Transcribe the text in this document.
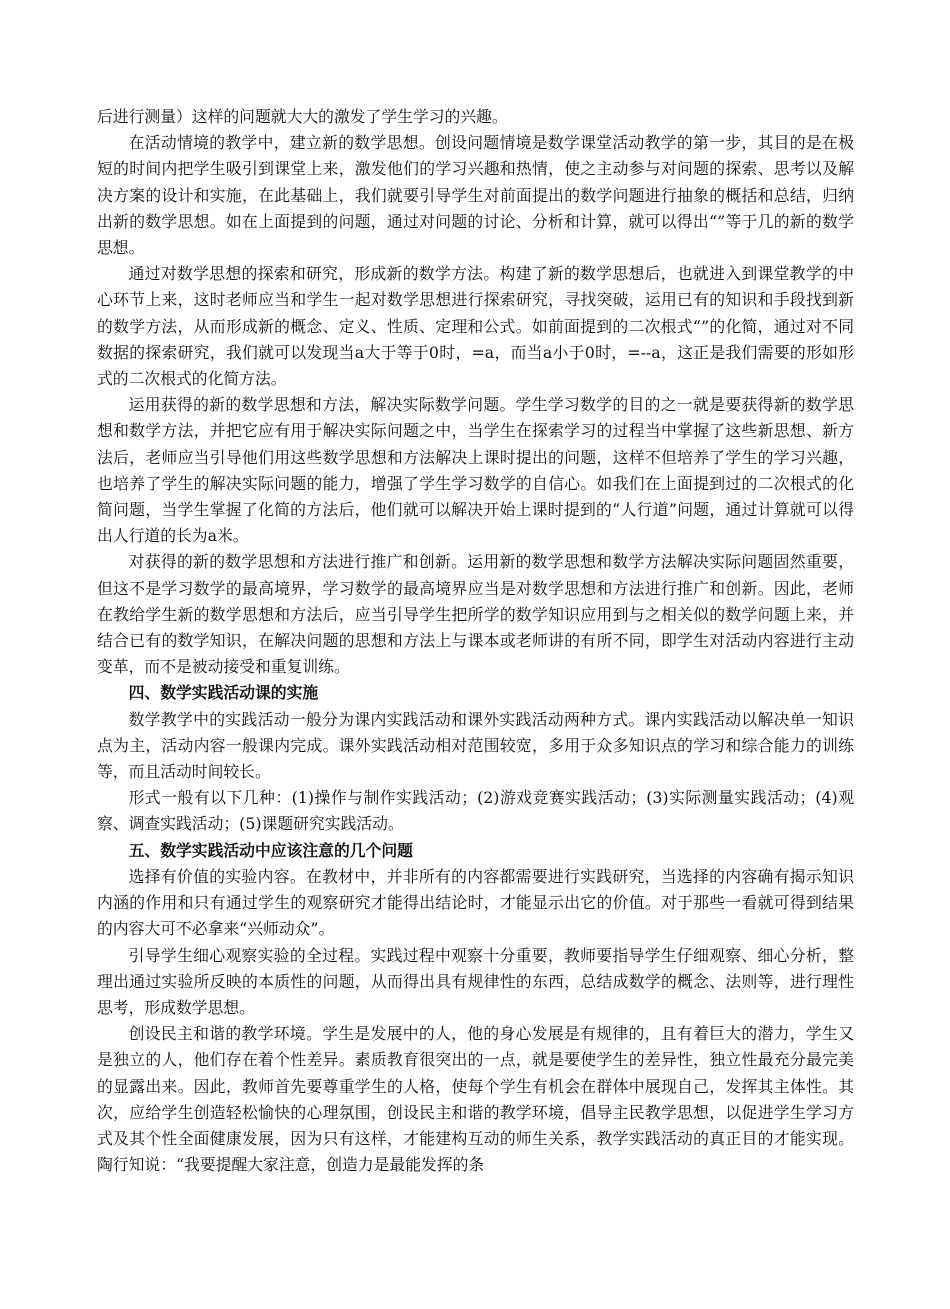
后进行测量）这样的问题就大大的激发了学生学习的兴趣。

在活动情境的教学中，建立新的数学思想。创设问题情境是数学课堂活动教学的第一步，其目的是在极短的时间内把学生吸引到课堂上来，激发他们的学习兴趣和热情，使之主动参与对问题的探索、思考以及解决方案的设计和实施，在此基础上，我们就要引导学生对前面提出的数学问题进行抽象的概括和总结，归纳出新的数学思想。如在上面提到的问题，通过对问题的讨论、分析和计算，就可以得出“”等于几的新的数学思想。

通过对数学思想的探索和研究，形成新的数学方法。构建了新的数学思想后，也就进入到课堂教学的中心环节上来，这时老师应当和学生一起对数学思想进行探索研究，寻找突破，运用已有的知识和手段找到新的数学方法，从而形成新的概念、定义、性质、定理和公式。如前面提到的二次根式“”的化简，通过对不同数据的探索研究，我们就可以发现当a大于等于0时，=a，而当a小于0时，=--a，这正是我们需要的形如形式的二次根式的化简方法。

运用获得的新的数学思想和方法，解决实际数学问题。学生学习数学的目的之一就是要获得新的数学思想和数学方法，并把它应有用于解决实际问题之中，当学生在探索学习的过程当中掌握了这些新思想、新方法后，老师应当引导他们用这些数学思想和方法解决上课时提出的问题，这样不但培养了学生的学习兴趣，也培养了学生的解决实际问题的能力，增强了学生学习数学的自信心。如我们在上面提到过的二次根式的化简问题，当学生掌握了化简的方法后，他们就可以解决开始上课时提到的“人行道”问题，通过计算就可以得出人行道的长为a米。

对获得的新的数学思想和方法进行推广和创新。运用新的数学思想和数学方法解决实际问题固然重要，但这不是学习数学的最高境界，学习数学的最高境界应当是对数学思想和方法进行推广和创新。因此，老师在教给学生新的数学思想和方法后，应当引导学生把所学的数学知识应用到与之相关似的数学问题上来，并结合已有的数学知识，在解决问题的思想和方法上与课本或老师讲的有所不同，即学生对活动内容进行主动变革，而不是被动接受和重复训练。

四、数学实践活动课的实施

数学教学中的实践活动一般分为课内实践活动和课外实践活动两种方式。课内实践活动以解决单一知识点为主，活动内容一般课内完成。课外实践活动相对范围较宽，多用于众多知识点的学习和综合能力的训练等，而且活动时间较长。

形式一般有以下几种：(1)操作与制作实践活动；(2)游戏竞赛实践活动；(3)实际测量实践活动；(4)观察、调查实践活动；(5)课题研究实践活动。

五、数学实践活动中应该注意的几个问题

选择有价值的实验内容。在教材中，并非所有的内容都需要进行实践研究，当选择的内容确有揭示知识内涵的作用和只有通过学生的观察研究才能得出结论时，才能显示出它的价值。对于那些一看就可得到结果的内容大可不必拿来“兴师动众”。

引导学生细心观察实验的全过程。实践过程中观察十分重要，教师要指导学生仔细观察、细心分析，整理出通过实验所反映的本质性的问题，从而得出具有规律性的东西，总结成数学的概念、法则等，进行理性思考，形成数学思想。

创设民主和谐的教学环境。学生是发展中的人，他的身心发展是有规律的，且有着巨大的潜力，学生又是独立的人，他们存在着个性差异。素质教育很突出的一点，就是要使学生的差异性，独立性最充分最完美的显露出来。因此，教师首先要尊重学生的人格，使每个学生有机会在群体中展现自己，发挥其主体性。其次，应给学生创造轻松愉快的心理氛围，创设民主和谐的教学环境，倡导主民教学思想，以促进学生学习方式及其个性全面健康发展，因为只有这样，才能建构互动的师生关系，教学实践活动的真正目的才能实现。陶行知说：“我要提醒大家注意，创造力是最能发挥的条
